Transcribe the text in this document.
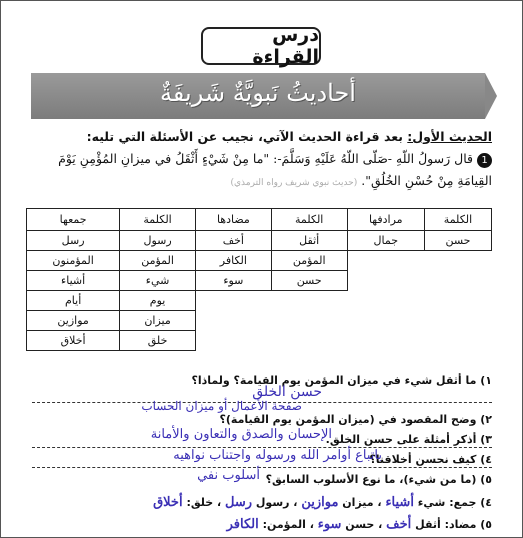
درس القراءة
أحاديثُ نَبويَّةٌ شَريفَةٌ
الحديث الأول: بعد قراءة الحديث الآتي، نجيب عن الأسئلة التي تليه:
1قال رَسولُ اللّهِ -صَلّى اللّهُ عَلَيْهِ وَسَلَّمَ-: "ما مِنْ شَيْءٍ أَثْقَلُ في ميزانِ المُؤْمِنِ يَوْمَ القِيامَةِ مِنْ حُسْنِ الخُلُقِ". (حديث نبوي شريف رواه الترمذي)
الكلمة	مرادفها	الكلمة	مضادها	الكلمة	جمعها
حسن	جمال	أثقل	أخف	رسول	رسل
		المؤمن	الكافر	المؤمن	المؤمنون
		حسن	سوء	شيء	أشياء
				يوم	أيام
				ميزان	موازين
				خلق	أخلاق
١) ما أثقل شيء في ميزان المؤمن يوم القيامة؟ ولماذا؟
حسن الخلق
صفحة الأعمال أو ميزان الحساب
٢) وضح المقصود في (ميزان المؤمن يوم القيامة)؟
٣) أذكر أمثلة على حسن الخلق.
الإحسان والصدق والتعاون والأمانة
٤) كيف نحسن أخلاقنا؟
باتباع أوامر الله ورسوله واجتناب نواهيه
٥) (ما من شيء)، ما نوع الأسلوب السابق؟
أسلوب نفي
٤) جمع: شيء أشياء ، ميزان موازين ، رسول رسل ، خلق: أخلاق
٥) مضاد: أثقل أخف ، حسن سوء ، المؤمن: الكافر
